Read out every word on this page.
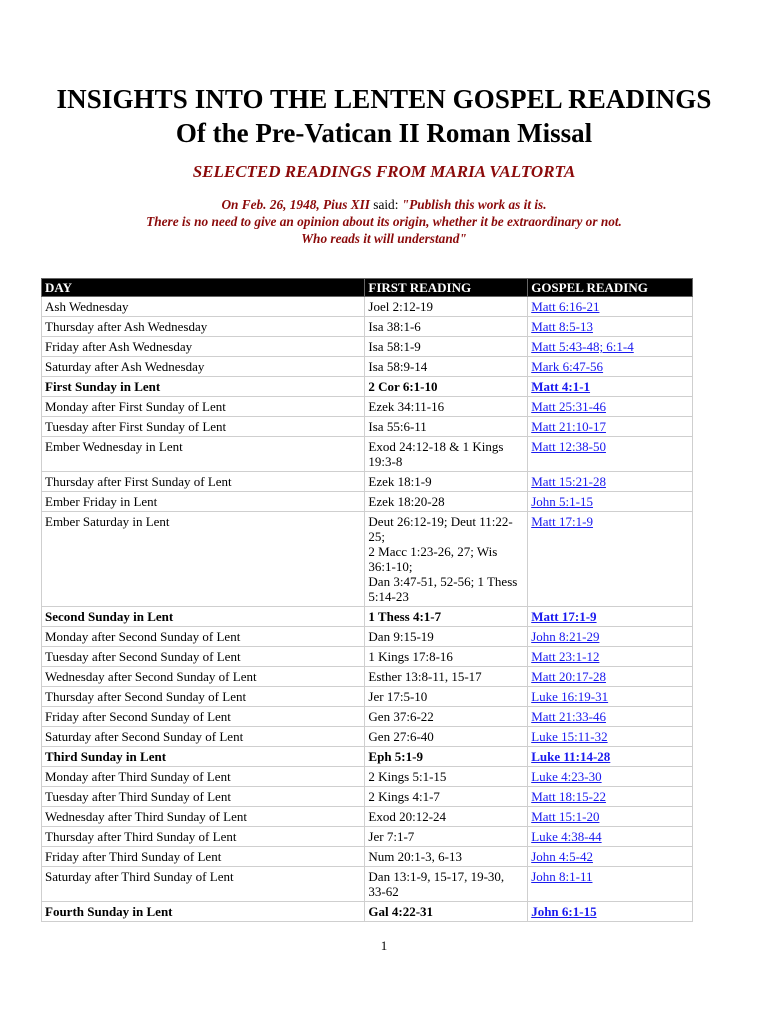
INSIGHTS INTO THE LENTEN GOSPEL READINGS
Of the Pre-Vatican II Roman Missal
SELECTED READINGS FROM MARIA VALTORTA
On Feb. 26, 1948, Pius XII said: "Publish this work as it is.
There is no need to give an opinion about its origin, whether it be extraordinary or not.
Who reads it will understand"
DAY	FIRST READING	GOSPEL READING
Ash Wednesday	Joel 2:12-19	Matt 6:16-21
Thursday after Ash Wednesday	Isa 38:1-6	Matt 8:5-13
Friday after Ash Wednesday	Isa 58:1-9	Matt 5:43-48; 6:1-4
Saturday after Ash Wednesday	Isa 58:9-14	Mark 6:47-56
First Sunday in Lent	2 Cor 6:1-10	Matt 4:1-1
Monday after First Sunday of Lent	Ezek 34:11-16	Matt 25:31-46
Tuesday after First Sunday of Lent	Isa 55:6-11	Matt 21:10-17
Ember Wednesday in Lent	Exod 24:12-18 & 1 Kings 19:3-8	Matt 12:38-50
Thursday after First Sunday of Lent	Ezek 18:1-9	Matt 15:21-28
Ember Friday in Lent	Ezek 18:20-28	John 5:1-15
Ember Saturday in Lent	Deut 26:12-19; Deut 11:22-25;
2 Macc 1:23-26, 27; Wis 36:1-10;
Dan 3:47-51, 52-56; 1 Thess 5:14-23	Matt 17:1-9
Second Sunday in Lent	1 Thess 4:1-7	Matt 17:1-9
Monday after Second Sunday of Lent	Dan 9:15-19	John 8:21-29
Tuesday after Second Sunday of Lent	1 Kings 17:8-16	Matt 23:1-12
Wednesday after Second Sunday of Lent	Esther 13:8-11, 15-17	Matt 20:17-28
Thursday after Second Sunday of Lent	Jer 17:5-10	Luke 16:19-31
Friday after Second Sunday of Lent	Gen 37:6-22	Matt 21:33-46
Saturday after Second Sunday of Lent	Gen 27:6-40	Luke 15:11-32
Third Sunday in Lent	Eph 5:1-9	Luke 11:14-28
Monday after Third Sunday of Lent	2 Kings 5:1-15	Luke 4:23-30
Tuesday after Third Sunday of Lent	2 Kings 4:1-7	Matt 18:15-22
Wednesday after Third Sunday of Lent	Exod 20:12-24	Matt 15:1-20
Thursday after Third Sunday of Lent	Jer 7:1-7	Luke 4:38-44
Friday after Third Sunday of Lent	Num 20:1-3, 6-13	John 4:5-42
Saturday after Third Sunday of Lent	Dan 13:1-9, 15-17, 19-30, 33-62	John 8:1-11
Fourth Sunday in Lent	Gal 4:22-31	John 6:1-15
1
